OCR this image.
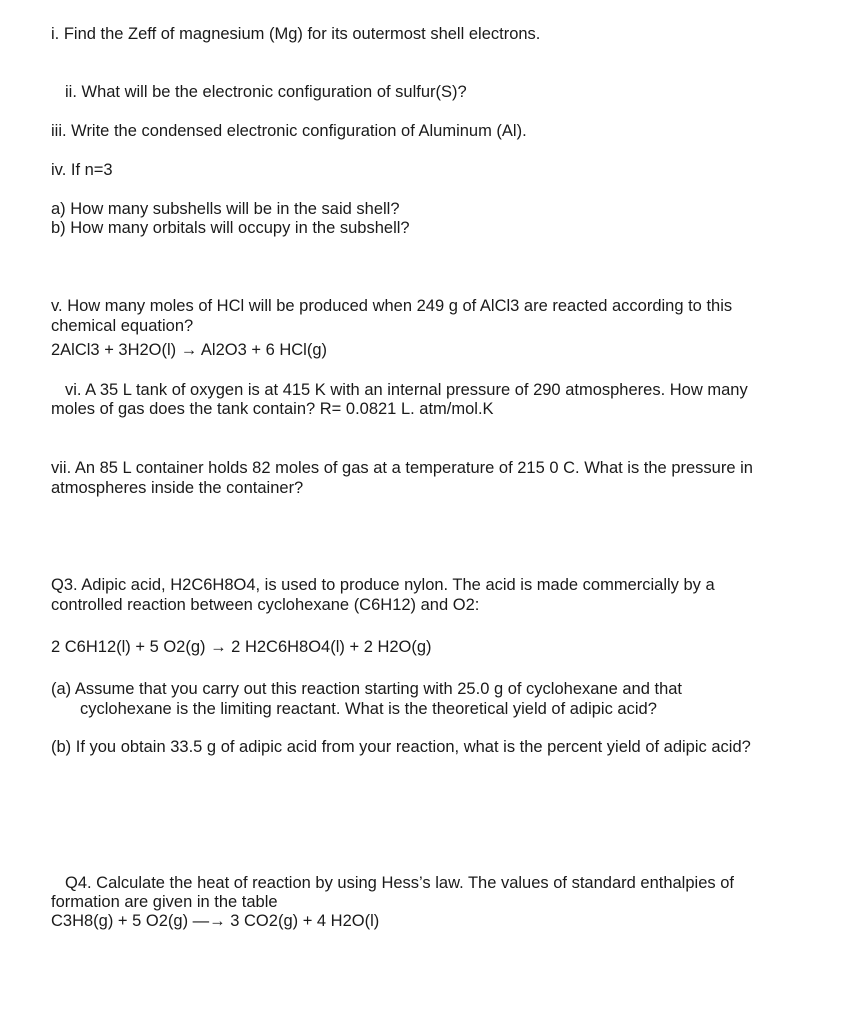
i. Find the Zeff of magnesium (Mg) for its outermost shell electrons.
ii. What will be the electronic configuration of sulfur(S)?
iii. Write the condensed electronic configuration of Aluminum (Al).
iv. If n=3
a) How many subshells will be in the said shell?
b) How many orbitals will occupy in the subshell?
v. How many moles of HCl will be produced when 249 g of AlCl3 are reacted according to this
chemical equation?
2AlCl3 + 3H2O(l) → Al2O3 + 6 HCl(g)
vi. A 35 L tank of oxygen is at 415 K with an internal pressure of 290 atmospheres. How many
moles of gas does the tank contain? R= 0.0821 L. atm/mol.K
vii. An 85 L container holds 82 moles of gas at a temperature of 215 0 C. What is the pressure in
atmospheres inside the container?
Q3. Adipic acid, H2C6H8O4, is used to produce nylon. The acid is made commercially by a
controlled reaction between cyclohexane (C6H12) and O2:
2 C6H12(l) + 5 O2(g) → 2 H2C6H8O4(l) + 2 H2O(g)
(a) Assume that you carry out this reaction starting with 25.0 g of cyclohexane and that
cyclohexane is the limiting reactant. What is the theoretical yield of adipic acid?
(b) If you obtain 33.5 g of adipic acid from your reaction, what is the percent yield of adipic acid?
Q4. Calculate the heat of reaction by using Hess’s law. The values of standard enthalpies of
formation are given in the table
C3H8(g) + 5 O2(g) —→ 3 CO2(g) + 4 H2O(l)
